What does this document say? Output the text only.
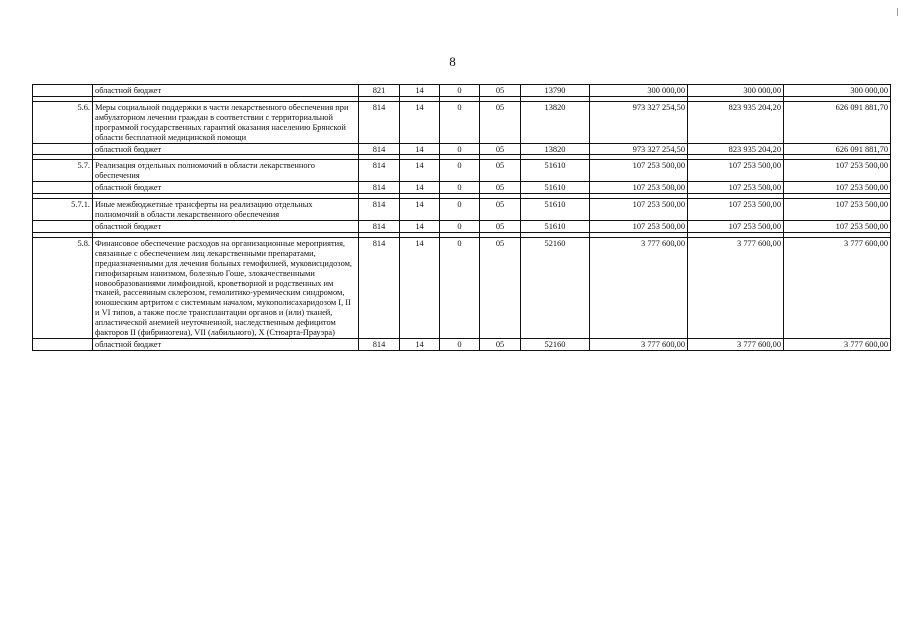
8
	областной бюджет	821	14	0	05	13790	300 000,00	300 000,00	300 000,00

5.6.	Меры социальной поддержки в части лекарственного обеспечения при амбулаторном лечении граждан в соответствии с территориальной программой государственных гарантий оказания населению Брянской области бесплатной медицинской помощи	814	14	0	05	13820	973 327 254,50	823 935 204,20	626 091 881,70
	областной бюджет	814	14	0	05	13820	973 327 254,50	823 935 204,20	626 091 881,70

5.7.	Реализация отдельных полномочий в области лекарственного обеспечения	814	14	0	05	51610	107 253 500,00	107 253 500,00	107 253 500,00
	областной бюджет	814	14	0	05	51610	107 253 500,00	107 253 500,00	107 253 500,00

5.7.1.	Иные межбюджетные трансферты на реализацию отдельных полномочий в области лекарственного обеспечения	814	14	0	05	51610	107 253 500,00	107 253 500,00	107 253 500,00
	областной бюджет	814	14	0	05	51610	107 253 500,00	107 253 500,00	107 253 500,00

5.8.	Финансовое обеспечение расходов на организационные мероприятия, связанные с обеспечением лиц лекарственными препаратами, предназначенными для лечения больных гемофилией, муковисцидозом, гипофизарным нанизмом, болезнью Гоше, злокачественными новообразованиями лимфоидной, кроветворной и родственных им тканей, рассеянным склерозом, гемолитико-уремическим синдромом, юношеским артритом с системным началом, мукополисахаридозом I, II и VI типов, а также после трансплантации органов и (или) тканей, апластической анемией неуточненной, наследственным дефицитом факторов II (фибриногена), VII (лабильного), X (Стюарта-Прауэра)	814	14	0	05	52160	3 777 600,00	3 777 600,00	3 777 600,00
	областной бюджет	814	14	0	05	52160	3 777 600,00	3 777 600,00	3 777 600,00
